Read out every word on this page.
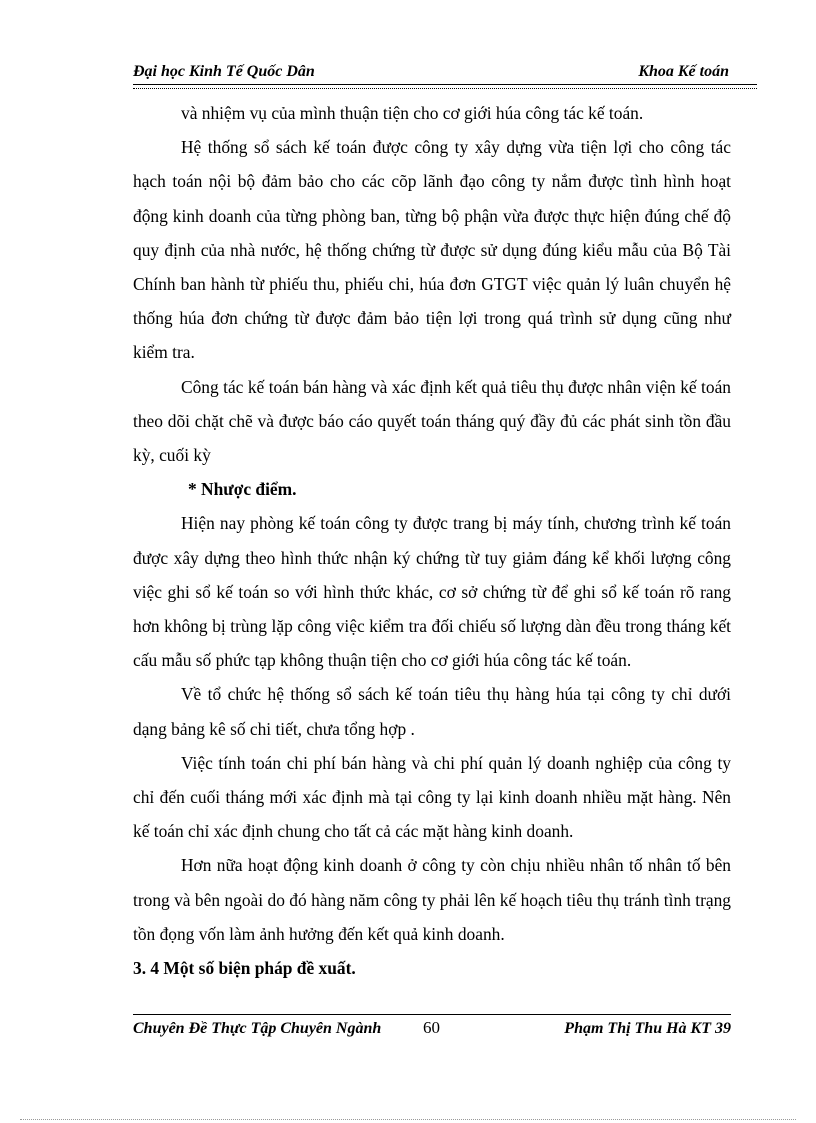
Đại học Kinh Tế Quốc Dân	Khoa Kế toán

và nhiệm vụ của mình thuận tiện cho cơ giới húa công tác kế toán.

Hệ thống sổ sách kế toán được công ty xây dựng vừa tiện lợi cho công tác hạch toán nội bộ đảm bảo cho các cõp lãnh đạo công ty nắm được tình hình hoạt động kinh doanh của từng phòng ban, từng bộ phận vừa được thực hiện đúng chế độ quy định của nhà nước, hệ thống chứng từ được sử dụng đúng kiểu mẫu của Bộ Tài Chính ban hành từ phiếu thu, phiếu chi, húa đơn GTGT việc quản lý luân chuyển hệ thống húa đơn chứng từ được đảm bảo tiện lợi trong quá trình sử dụng cũng như kiểm tra.

Công tác kế toán bán hàng và xác định kết quả tiêu thụ được nhân viện kế toán theo dõi chặt chẽ và được báo cáo quyết toán tháng quý đầy đủ các phát sinh tồn đầu kỳ, cuối kỳ

* Nhược điểm.

Hiện nay phòng kế toán công ty được trang bị máy tính, chương trình kế toán được xây dựng theo hình thức nhận ký chứng từ tuy giảm đáng kể khối lượng công việc ghi sổ kế toán so với hình thức khác, cơ sở chứng từ để ghi sổ kế toán rõ rang hơn không bị trùng lặp công việc kiểm tra đối chiếu số lượng dàn đều trong tháng kết cấu mẫu số phức tạp không thuận tiện cho cơ giới húa công tác kế toán.

Về tổ chức hệ thống sổ sách kế toán tiêu thụ hàng húa tại công ty chỉ dưới dạng bảng kê số chi tiết, chưa tổng hợp .

Việc tính toán chi phí bán hàng và chi phí quản lý doanh nghiệp của công ty chỉ đến cuối tháng mới xác định mà tại công ty lại kinh doanh nhiều mặt hàng. Nên kế toán chỉ xác định chung cho tất cả các mặt hàng kinh doanh.

Hơn nữa hoạt động kinh doanh ở công ty còn chịu nhiều nhân tố nhân tố bên trong và bên ngoài do đó hàng năm công ty phải lên kế hoạch tiêu thụ tránh tình trạng tồn đọng vốn làm ảnh hưởng đến kết quả kinh doanh.

3. 4 Một số biện pháp đề xuất.

Chuyên Đề Thực Tập Chuyên Ngành 60	Phạm Thị Thu Hà KT 39
